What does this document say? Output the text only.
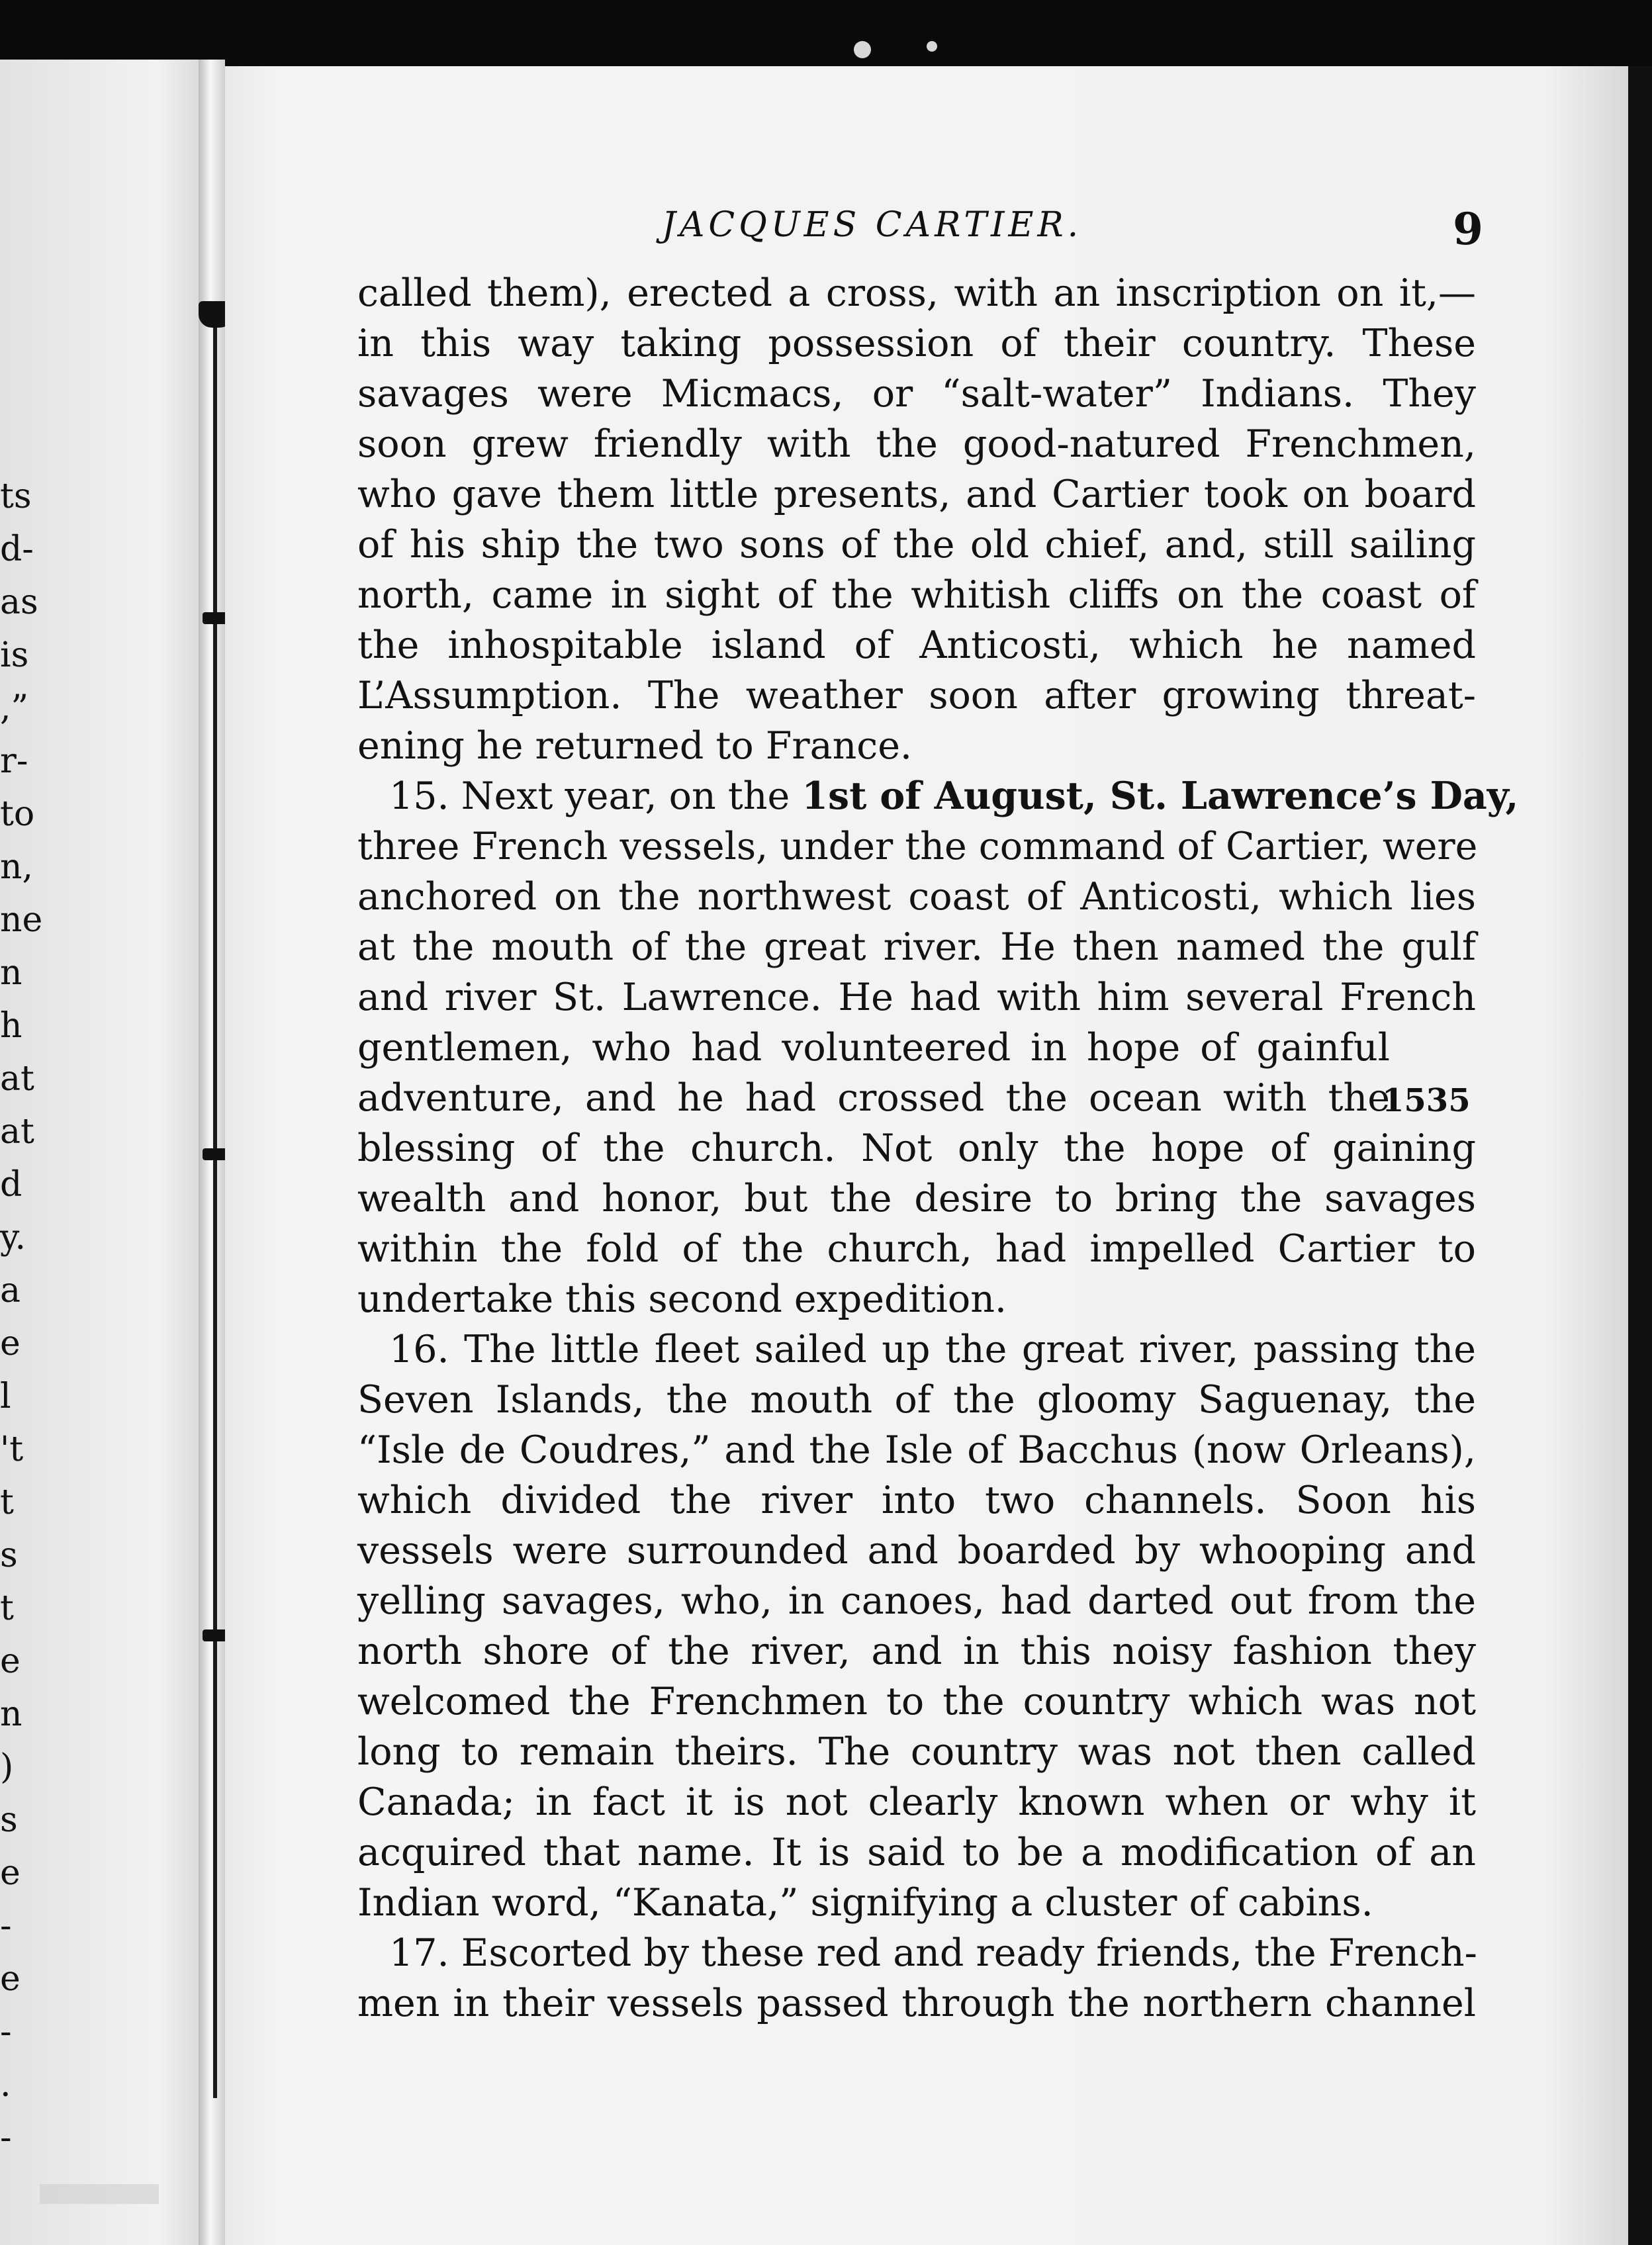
ts
d-
as
is
,”
r-
to
n,
ne
n
h
at
at
d
y.
a
e
l
't
t
s
t
e
n
)
s
e
-
e
-
.
-
JACQUES CARTIER.	9
called them), erected a cross, with an inscription on it,—
in this way taking possession of their country. These
savages were Micmacs, or “salt-water” Indians. They
soon grew friendly with the good-natured Frenchmen,
who gave them little presents, and Cartier took on board
of his ship the two sons of the old chief, and, still sailing
north, came in sight of the whitish cliffs on the coast of
the inhospitable island of Anticosti, which he named
L’Assumption. The weather soon after growing threat-
ening he returned to France.
15. Next year, on the 1st of August, St. Lawrence’s Day,
three French vessels, under the command of Cartier, were
anchored on the northwest coast of Anticosti, which lies
at the mouth of the great river. He then named the gulf
and river St. Lawrence. He had with him several French
gentlemen, who had volunteered in hope of gainful
adventure, and he had crossed the ocean with the
blessing of the church. Not only the hope of gaining
wealth and honor, but the desire to bring the savages
within the fold of the church, had impelled Cartier to
undertake this second expedition.
16. The little fleet sailed up the great river, passing the
Seven Islands, the mouth of the gloomy Saguenay, the
“Isle de Coudres,” and the Isle of Bacchus (now Orleans),
which divided the river into two channels. Soon his
vessels were surrounded and boarded by whooping and
yelling savages, who, in canoes, had darted out from the
north shore of the river, and in this noisy fashion they
welcomed the Frenchmen to the country which was not
long to remain theirs. The country was not then called
Canada; in fact it is not clearly known when or why it
acquired that name. It is said to be a modification of an
Indian word, “Kanata,” signifying a cluster of cabins.
17. Escorted by these red and ready friends, the French-
men in their vessels passed through the northern channel
1535
